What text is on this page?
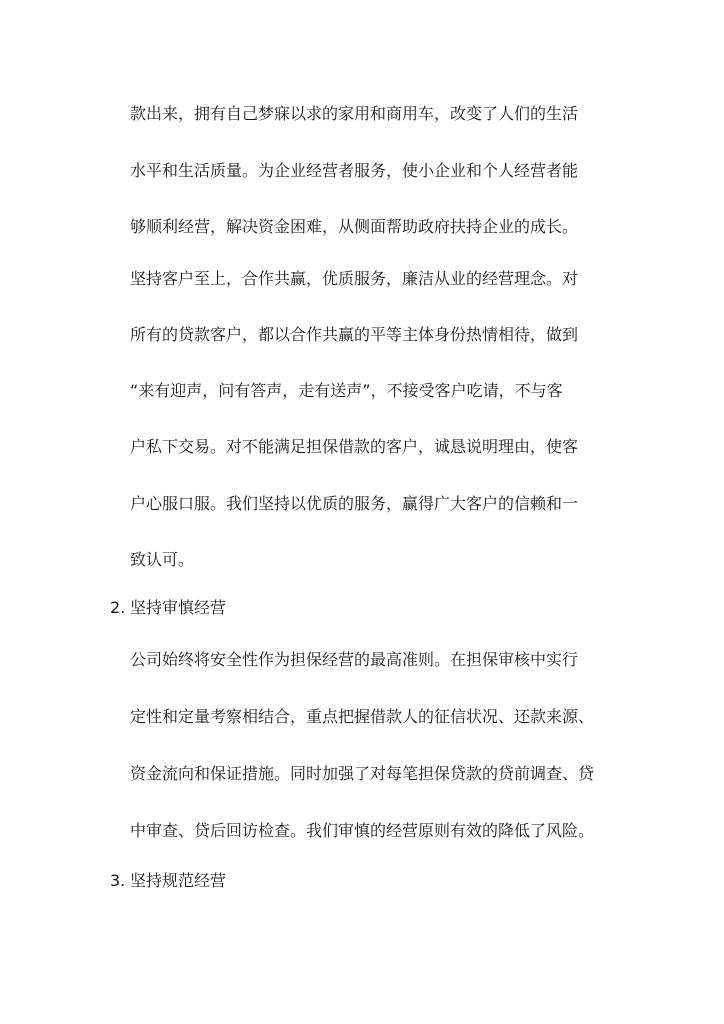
款出来，拥有自己梦寐以求的家用和商用车，改变了人们的生活
水平和生活质量。为企业经营者服务，使小企业和个人经营者能
够顺利经营，解决资金困难，从侧面帮助政府扶持企业的成长。
坚持客户至上，合作共赢，优质服务，廉洁从业的经营理念。对
所有的贷款客户，都以合作共赢的平等主体身份热情相待，做到
“来有迎声，问有答声，走有送声”，不接受客户吃请，不与客
户私下交易。对不能满足担保借款的客户，诚恳说明理由，使客
户心服口服。我们坚持以优质的服务，赢得广大客户的信赖和一
致认可。
2. 坚持审慎经营
公司始终将安全性作为担保经营的最高准则。在担保审核中实行
定性和定量考察相结合，重点把握借款人的征信状况、还款来源、
资金流向和保证措施。同时加强了对每笔担保贷款的贷前调查、贷
中审查、贷后回访检查。我们审慎的经营原则有效的降低了风险。
3. 坚持规范经营
